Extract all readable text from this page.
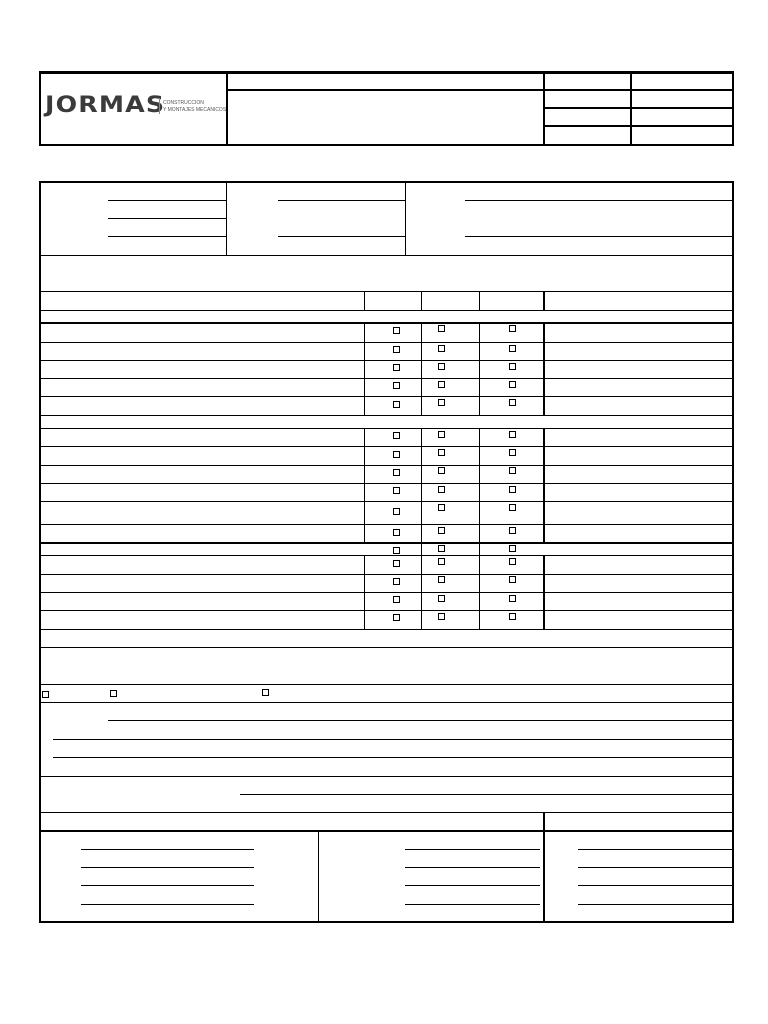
JORMAS
CONSTRUCCION
Y MONTAJES MECANICOS
